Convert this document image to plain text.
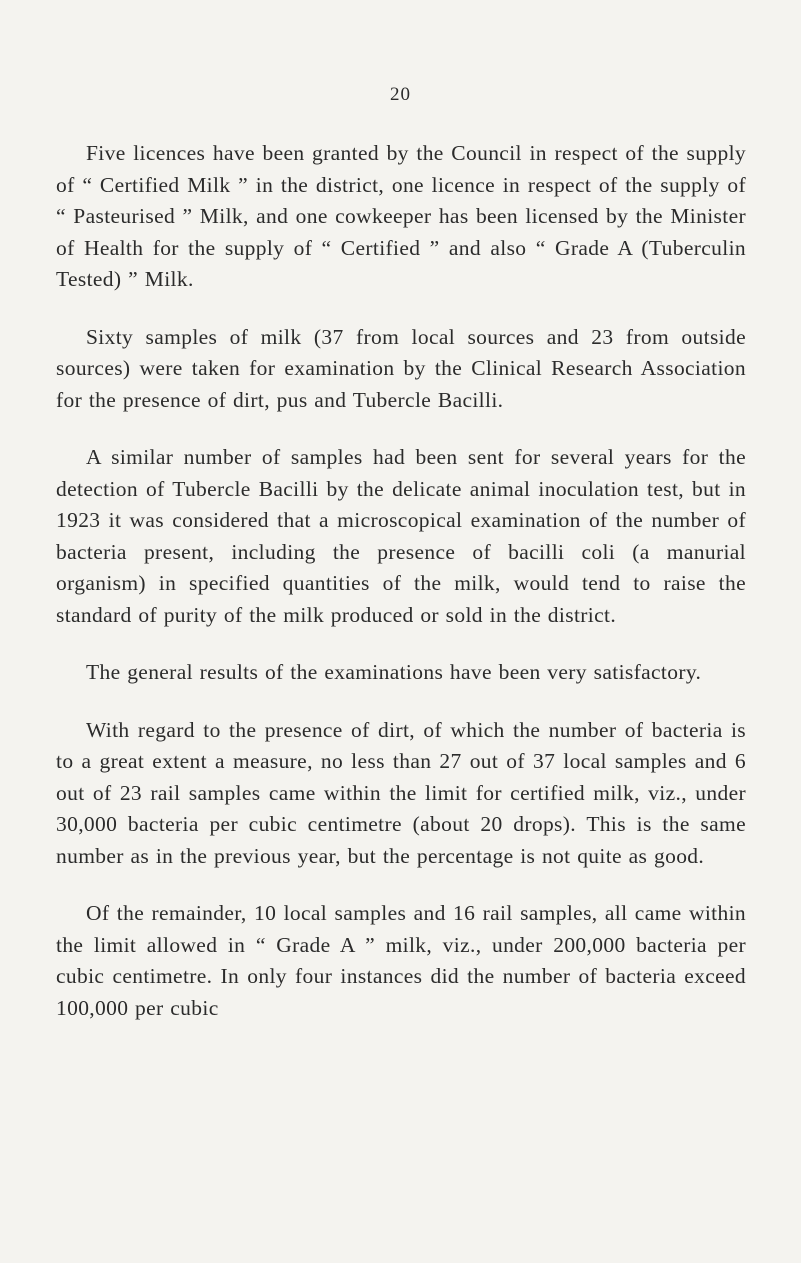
20

Five licences have been granted by the Council in respect of the supply of “ Certified Milk ” in the district, one licence in respect of the supply of “ Pasteurised ” Milk, and one cowkeeper has been licensed by the Minister of Health for the supply of “ Certified ” and also “ Grade A (Tuberculin Tested) ” Milk.

Sixty samples of milk (37 from local sources and 23 from outside sources) were taken for examination by the Clinical Research Association for the presence of dirt, pus and Tubercle Bacilli.

A similar number of samples had been sent for several years for the detection of Tubercle Bacilli by the delicate animal inoculation test, but in 1923 it was considered that a microscopical examination of the number of bacteria present, including the presence of bacilli coli (a manurial organism) in specified quantities of the milk, would tend to raise the standard of purity of the milk produced or sold in the district.

The general results of the examinations have been very satisfactory.

With regard to the presence of dirt, of which the number of bacteria is to a great extent a measure, no less than 27 out of 37 local samples and 6 out of 23 rail samples came within the limit for certified milk, viz., under 30,000 bacteria per cubic centimetre (about 20 drops). This is the same number as in the previous year, but the percentage is not quite as good.

Of the remainder, 10 local samples and 16 rail samples, all came within the limit allowed in “ Grade A ” milk, viz., under 200,000 bacteria per cubic centimetre. In only four instances did the number of bacteria exceed 100,000 per cubic
